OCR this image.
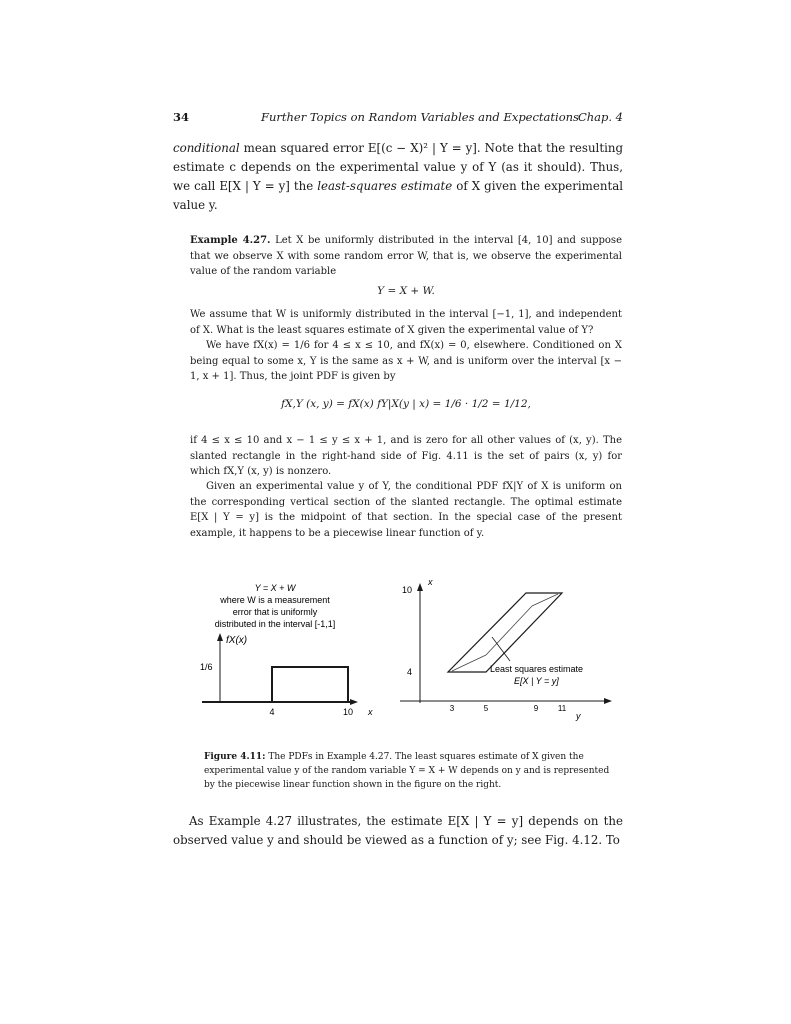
34	Further Topics on Random Variables and Expectations
Chap. 4
conditional mean squared error E[(c − X)² | Y = y]. Note that the resulting estimate c depends on the experimental value y of Y (as it should). Thus, we call E[X | Y = y] the least-squares estimate of X given the experimental value y.
Example 4.27. Let X be uniformly distributed in the interval [4, 10] and suppose that we observe X with some random error W, that is, we observe the experimental value of the random variable
Y = X + W.
We assume that W is uniformly distributed in the interval [−1, 1], and independent of X. What is the least squares estimate of X given the experimental value of Y?
We have fX(x) = 1/6 for 4 ≤ x ≤ 10, and fX(x) = 0, elsewhere. Conditioned on X being equal to some x, Y is the same as x + W, and is uniform over the interval [x − 1, x + 1]. Thus, the joint PDF is given by
fX,Y (x, y) = fX(x) fY|X(y | x) = 1/6 · 1/2 = 1/12,
if 4 ≤ x ≤ 10 and x − 1 ≤ y ≤ x + 1, and is zero for all other values of (x, y). The slanted rectangle in the right-hand side of Fig. 4.11 is the set of pairs (x, y) for which fX,Y (x, y) is nonzero.
Given an experimental value y of Y, the conditional PDF fX|Y of X is uniform on the corresponding vertical section of the slanted rectangle. The optimal estimate E[X | Y = y] is the midpoint of that section. In the special case of the present example, it happens to be a piecewise linear function of y.
Y = X + W
where W is a measurement
error that is uniformly
distributed in the interval [-1,1]
fX(x)
1/6
4	10 x
x
10
4	Least squares estimate
E[X | Y = y]
3	5	9 11
y
Figure 4.11: The PDFs in Example 4.27. The least squares estimate of X given the experimental value y of the random variable Y = X + W depends on y and is represented by the piecewise linear function shown in the figure on the right.
As Example 4.27 illustrates, the estimate E[X | Y = y] depends on the observed value y and should be viewed as a function of y; see Fig. 4.12. To
